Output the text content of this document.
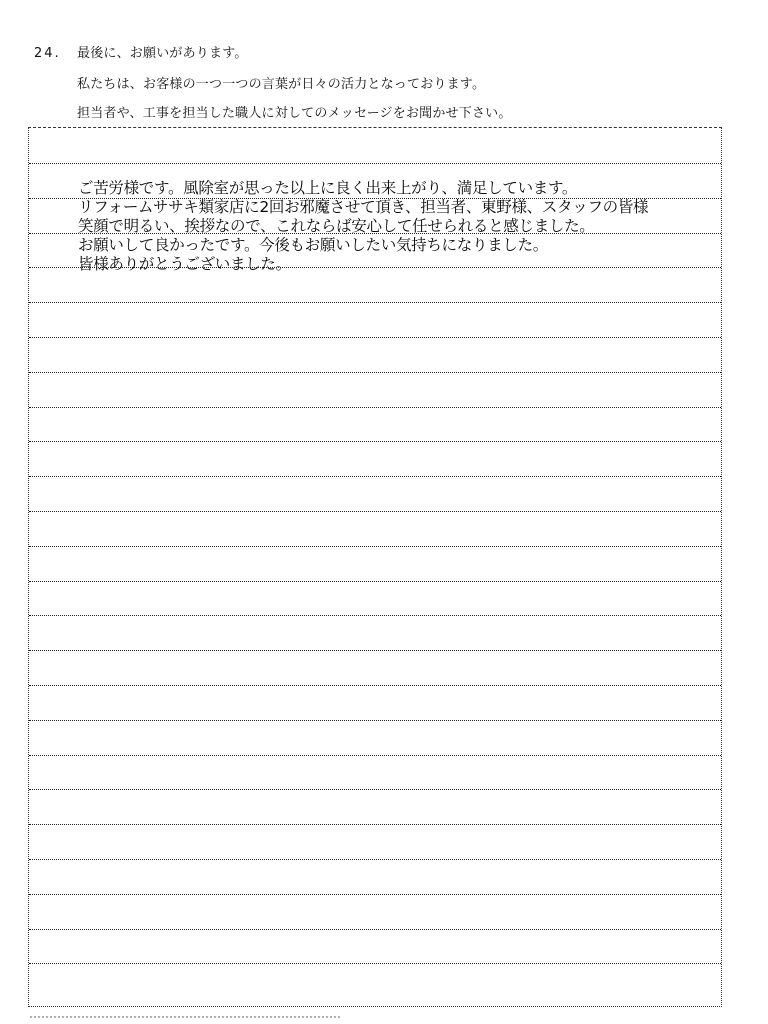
24. 最後に、お願いがあります。
私たちは、お客様の一つ一つの言葉が日々の活力となっております。
担当者や、工事を担当した職人に対してのメッセージをお聞かせ下さい。
ご苦労様です。風除室が思った以上に良く出来上がり、満足しています。
リフォームササキ類家店に2回お邪魔させて頂き、担当者、東野様、スタッフの皆様
笑顔で明るい、挨拶なので、これならば安心して任せられると感じました。
お願いして良かったです。今後もお願いしたい気持ちになりました。
皆様ありがとうございました。
